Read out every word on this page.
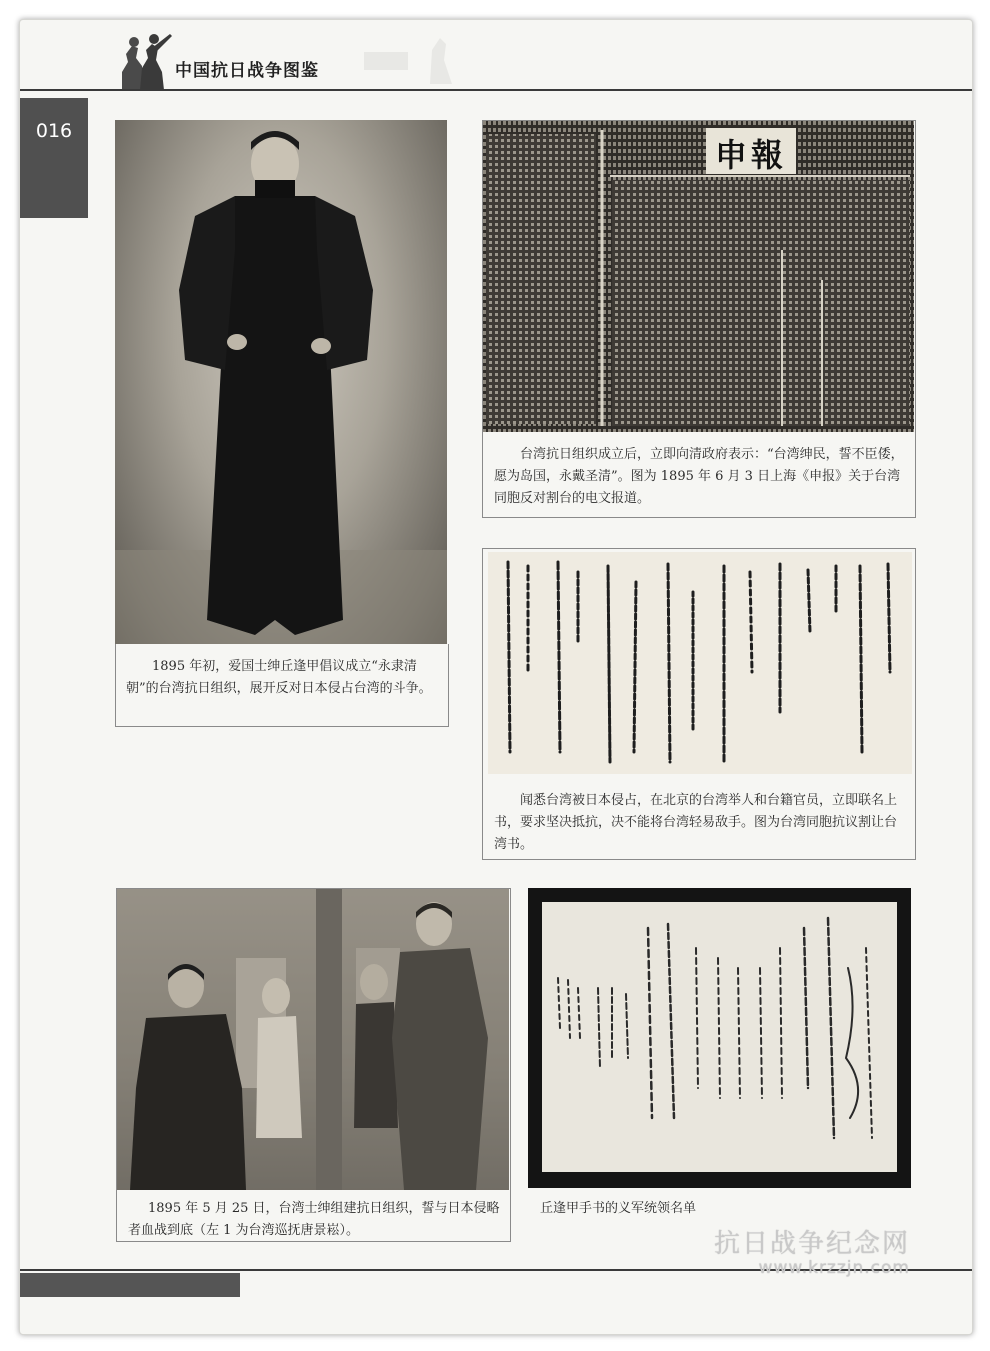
中国抗日战争图鉴
016
1895 年初，爱国士绅丘逢甲倡议成立“永隶清朝”的台湾抗日组织，展开反对日本侵占台湾的斗争。
申報
台湾抗日组织成立后，立即向清政府表示：“台湾绅民，誓不臣倭，愿为岛国，永戴圣清”。图为 1895 年 6 月 3 日上海《申报》关于台湾同胞反对割台的电文报道。
闻悉台湾被日本侵占，在北京的台湾举人和台籍官员，立即联名上书，要求坚决抵抗，决不能将台湾轻易敌手。图为台湾同胞抗议割让台湾书。
1895 年 5 月 25 日，台湾士绅组建抗日组织，誓与日本侵略者血战到底（左 1 为台湾巡抚唐景崧）。
丘逢甲手书的义军统领名单
抗日战争纪念网
www.krzzjn.com
